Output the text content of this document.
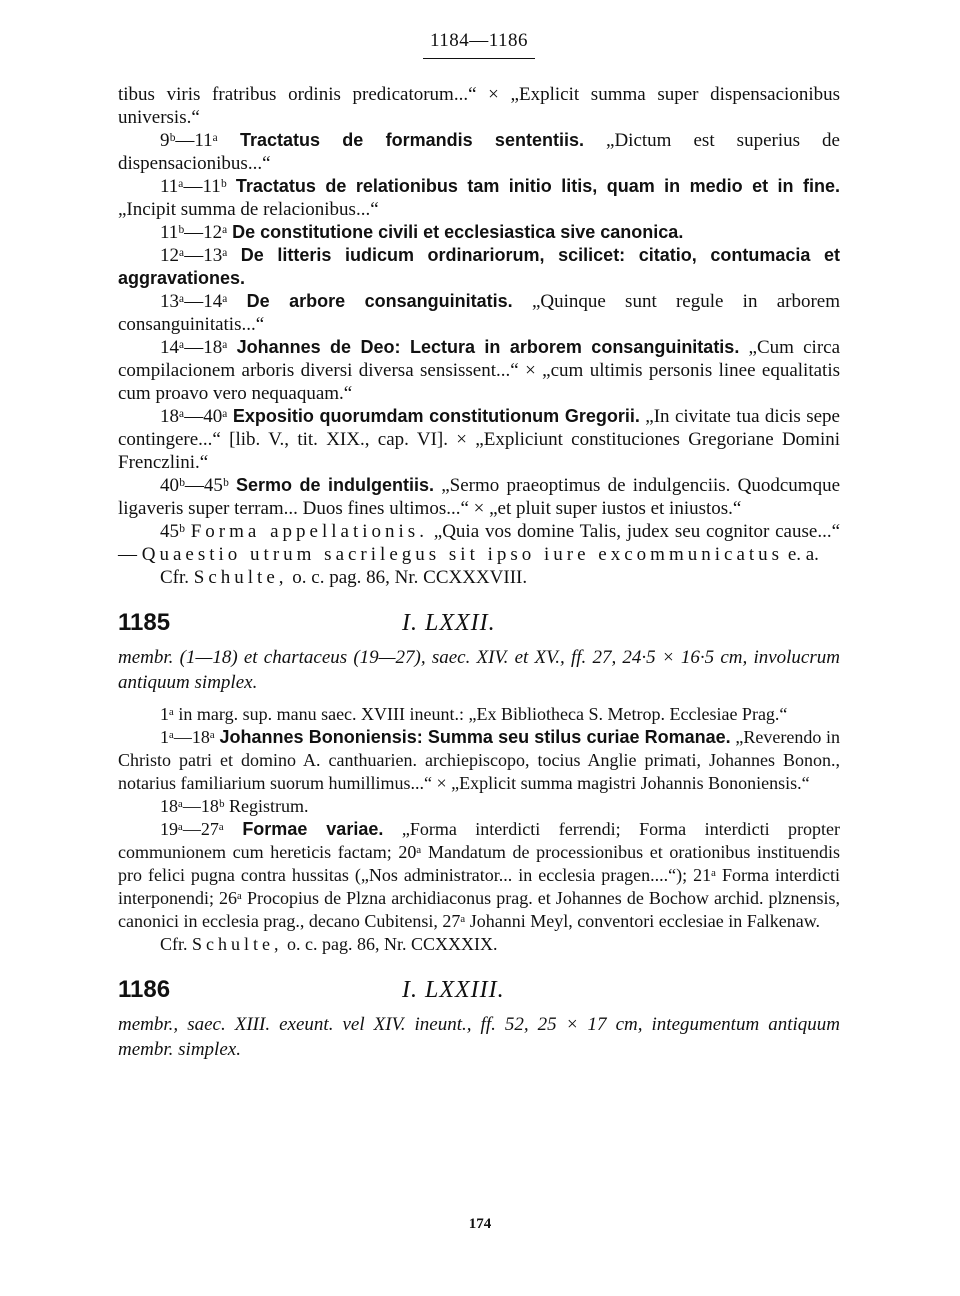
1184—1186

tibus viris fratribus ordinis predicatorum...“ × „Explicit summa super dispensacionibus universis.“

9ᵇ—11ᵃ Tractatus de formandis sententiis. „Dictum est superius de dispensacionibus...“

11ᵃ—11ᵇ Tractatus de relationibus tam initio litis, quam in medio et in fine. „Incipit summa de relacionibus...“

11ᵇ—12ᵃ De constitutione civili et ecclesiastica sive canonica.

12ᵃ—13ᵃ De litteris iudicum ordinariorum, scilicet: citatio, contumacia et aggravationes.

13ᵃ—14ᵃ De arbore consanguinitatis. „Quinque sunt regule in arborem consanguinitatis...“

14ᵃ—18ᵃ Johannes de Deo: Lectura in arborem consanguinitatis. „Cum circa compilacionem arboris diversi diversa sensissent...“ × „cum ultimis personis linee equalitatis cum proavo vero nequaquam.“

18ᵃ—40ᵃ Expositio quorumdam constitutionum Gregorii. „In civitate tua dicis sepe contingere...“ [lib. V., tit. XIX., cap. VI]. × „Expliciunt constituciones Gregoriane Domini Frenczlini.“

40ᵇ—45ᵇ Sermo de indulgentiis. „Sermo praeoptimus de indulgenciis. Quodcumque ligaveris super terram... Duos fines ultimos...“ × „et pluit super iustos et iniustos.“

45ᵇ Forma appellationis. „Quia vos domine Talis, judex seu cognitor cause...“ — Quaestio utrum sacrilegus sit ipso iure excommunicatus e. a.

Cfr. Schulte, o. c. pag. 86, Nr. CCXXXVIII.

1185	I. LXXII.

membr. (1—18) et chartaceus (19—27), saec. XIV. et XV., ff. 27, 24·5 × 16·5 cm, involucrum antiquum simplex.

1ᵃ in marg. sup. manu saec. XVIII ineunt.: „Ex Bibliotheca S. Metrop. Ecclesiae Prag.“

1ᵃ—18ᵃ Johannes Bononiensis: Summa seu stilus curiae Romanae. „Reverendo in Christo patri et domino A. canthuarien. archiepiscopo, tocius Anglie primati, Johannes Bonon., notarius familiarium suorum humillimus...“ × „Explicit summa magistri Johannis Bononiensis.“

18ᵃ—18ᵇ Registrum.

19ᵃ—27ᵃ Formae variae. „Forma interdicti ferrendi; Forma interdicti propter communionem cum hereticis factam; 20ᵃ Mandatum de processionibus et orationibus instituendis pro felici pugna contra hussitas („Nos administrator... in ecclesia pragen....“); 21ᵃ Forma interdicti interponendi; 26ᵃ Procopius de Plzna archidiaconus prag. et Johannes de Bochow archid. plznensis, canonici in ecclesia prag., decano Cubitensi, 27ᵃ Johanni Meyl, conventori ecclesiae in Falkenaw.

Cfr. Schulte, o. c. pag. 86, Nr. CCXXXIX.

1186	I. LXXIII.

membr., saec. XIII. exeunt. vel XIV. ineunt., ff. 52, 25 × 17 cm, integumentum antiquum membr. simplex.

174
